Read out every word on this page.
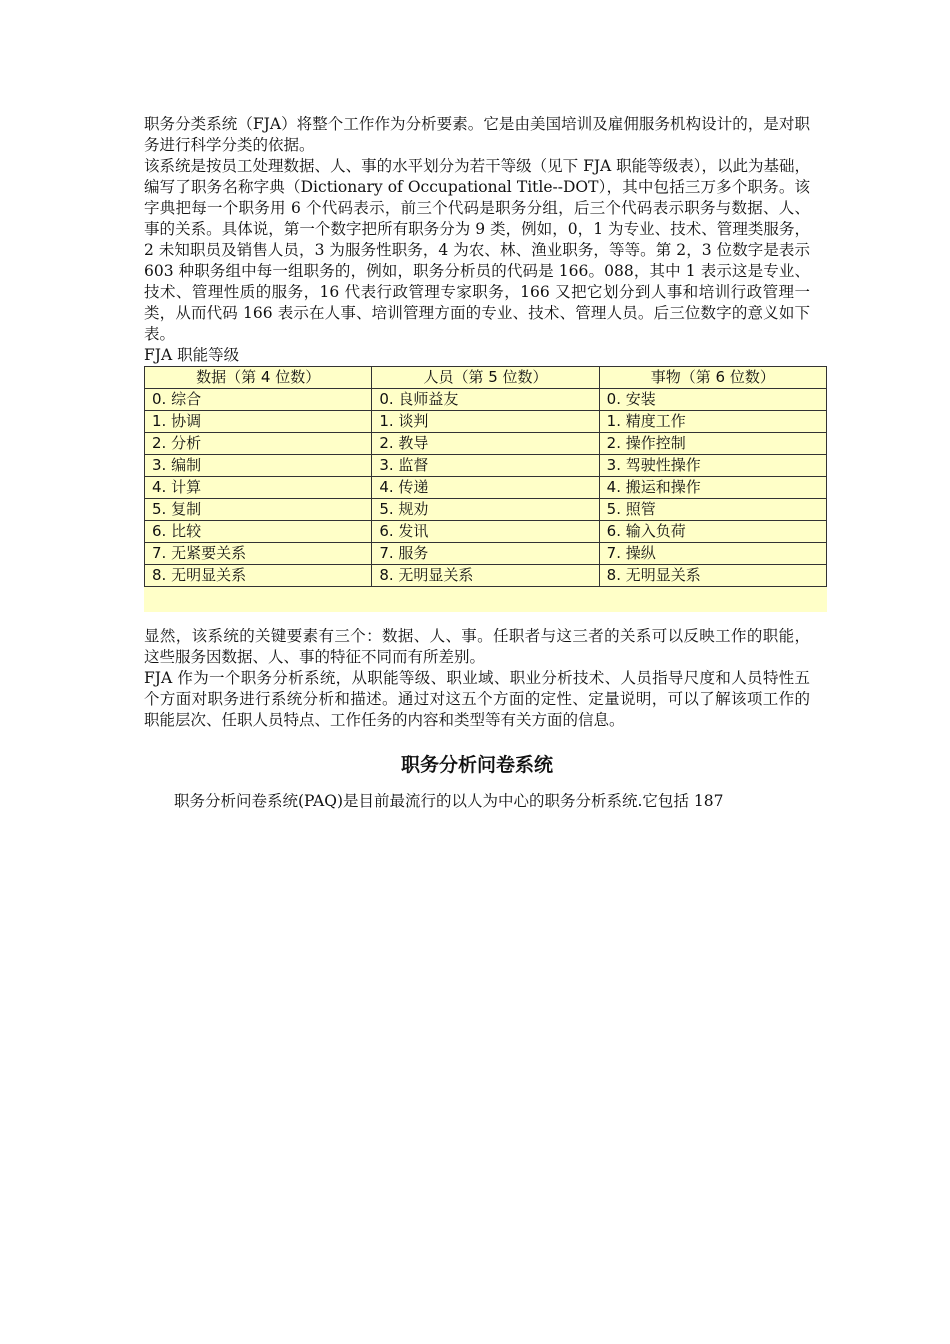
职务分类系统（FJA）将整个工作作为分析要素。它是由美国培训及雇佣服务机构设计的，是对职务进行科学分类的依据。

该系统是按员工处理数据、人、事的水平划分为若干等级（见下 FJA 职能等级表），以此为基础，编写了职务名称字典（Dictionary of Occupational Title--DOT），其中包括三万多个职务。该字典把每一个职务用 6 个代码表示，前三个代码是职务分组，后三个代码表示职务与数据、人、事的关系。具体说，第一个数字把所有职务分为 9 类，例如，0，1 为专业、技术、管理类服务，2 未知职员及销售人员，3 为服务性职务，4 为农、林、渔业职务，等等。第 2，3 位数字是表示 603 种职务组中每一组职务的，例如，职务分析员的代码是 166。088，其中 1 表示这是专业、技术、管理性质的服务，16 代表行政管理专家职务，166 又把它划分到人事和培训行政管理一类，从而代码 166 表示在人事、培训管理方面的专业、技术、管理人员。后三位数字的意义如下表。

FJA 职能等级

数据（第 4 位数）	人员（第 5 位数）	事物（第 6 位数）
0. 综合	0. 良师益友	0. 安装
1. 协调	1. 谈判	1. 精度工作
2. 分析	2. 教导	2. 操作控制
3. 编制	3. 监督	3. 驾驶性操作
4. 计算	4. 传递	4. 搬运和操作
5. 复制	5. 规劝	5. 照管
6. 比较	6. 发讯	6. 输入负荷
7. 无紧要关系	7. 服务	7. 操纵
8. 无明显关系	8. 无明显关系	8. 无明显关系

显然，该系统的关键要素有三个：数据、人、事。任职者与这三者的关系可以反映工作的职能，这些服务因数据、人、事的特征不同而有所差别。

FJA 作为一个职务分析系统，从职能等级、职业域、职业分析技术、人员指导尺度和人员特性五个方面对职务进行系统分析和描述。通过对这五个方面的定性、定量说明，可以了解该项工作的职能层次、任职人员特点、工作任务的内容和类型等有关方面的信息。

职务分析问卷系统

职务分析问卷系统(PAQ)是目前最流行的以人为中心的职务分析系统.它包括 187
